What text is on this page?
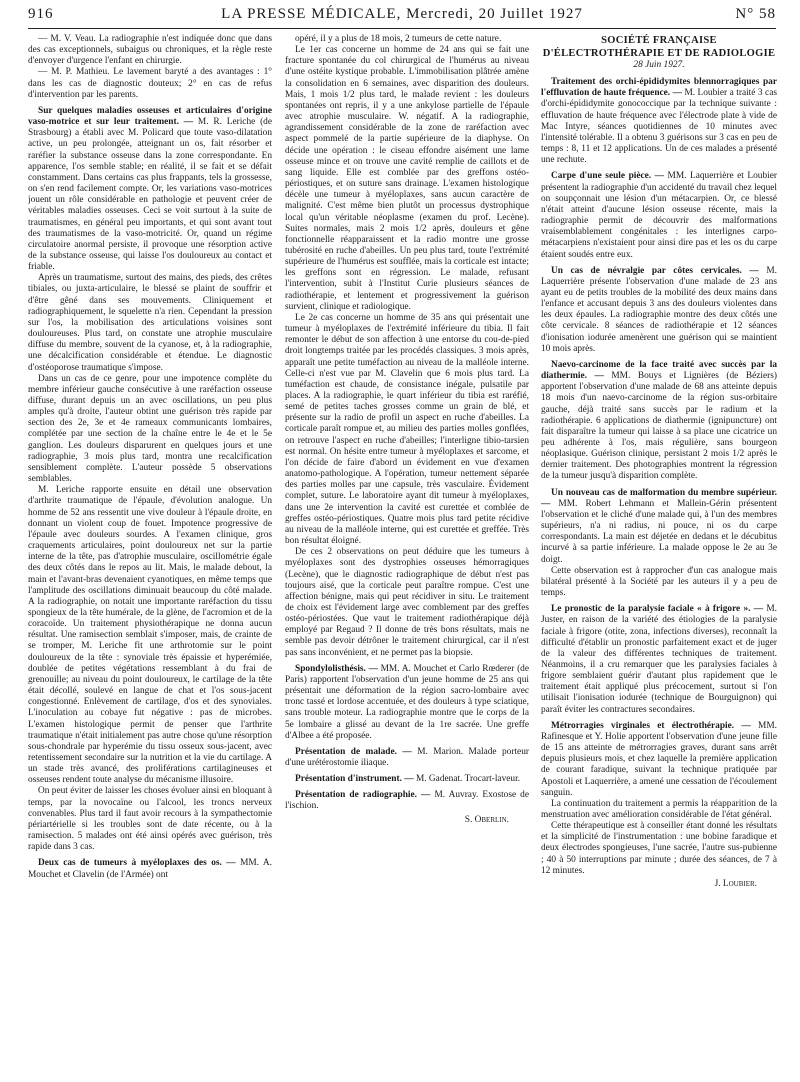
916	LA PRESSE MÉDICALE, Mercredi, 20 Juillet 1927	N° 58

— M. V. Veau. La radiographie n'est indiquée donc que dans des cas exceptionnels, subaigus ou chroniques, et la règle reste d'envoyer d'urgence l'enfant en chirurgie.

— M. P. Mathieu. Le lavement baryté a des avantages : 1° dans les cas de diagnostic douteux; 2° en cas de refus d'intervention par les parents.

Sur quelques maladies osseuses et articulaires d'origine vaso-motrice et sur leur traitement. — M. R. Leriche (de Strasbourg) a établi avec M. Policard que toute vaso-dilatation active, un peu prolongée, atteignant un os, fait résorber et raréfier la substance osseuse dans la zone correspondante. En apparence, l'os semble stable; en réalité, il se fait et se défait constamment. Dans certains cas plus frappants, tels la grossesse, on s'en rend facilement compte. Or, les variations vaso-motrices jouent un rôle considérable en pathologie et peuvent créer de véritables maladies osseuses. Ceci se voit surtout à la suite de traumatismes, en général peu importants, et qui sont avant tout des traumatismes de la vaso-motricité. Or, quand un régime circulatoire anormal persiste, il provoque une résorption active de la substance osseuse, qui laisse l'os douloureux au contact et friable.

Après un traumatisme, surtout des mains, des pieds, des crêtes tibiales, ou juxta-articulaire, le blessé se plaint de souffrir et d'être gêné dans ses mouvements. Cliniquement et radiographiquement, le squelette n'a rien. Cependant la pression sur l'os, la mobilisation des articulations voisines sont douloureuses. Plus tard, on constate une atrophie musculaire diffuse du membre, souvent de la cyanose, et, à la radiographie, une décalcification considérable et étendue. Le diagnostic d'ostéoporose traumatique s'impose.

Dans un cas de ce genre, pour une impotence complète du membre inférieur gauche consécutive à une raréfaction osseuse diffuse, durant depuis un an avec oscillations, un peu plus amples qu'à droite, l'auteur obtint une guérison très rapide par section des 2e, 3e et 4e rameaux communicants lombaires, complétée par une section de la chaîne entre le 4e et le 5e ganglion. Les douleurs disparurent en quelques jours et une radiographie, 3 mois plus tard, montra une recalcification sensiblement complète. L'auteur possède 5 observations semblables.

M. Leriche rapporte ensuite en détail une observation d'arthrite traumatique de l'épaule, d'évolution analogue. Un homme de 52 ans ressentit une vive douleur à l'épaule droite, en donnant un violent coup de fouet. Impotence progressive de l'épaule avec douleurs sourdes. A l'examen clinique, gros craquements articulaires, point douloureux net sur la partie interne de la tête, pas d'atrophie musculaire, oscillométrie égale des deux côtés dans le repos au lit. Mais, le malade debout, la main et l'avant-bras devenaient cyanotiques, en même temps que l'amplitude des oscillations diminuait beaucoup du côté malade. A la radiographie, on notait une importante raréfaction du tissu spongieux de la tête humérale, de la glène, de l'acromion et de la coracoïde. Un traitement physiothérapique ne donna aucun résultat. Une ramisection semblait s'imposer, mais, de crainte de se tromper, M. Leriche fit une arthrotomie sur le point douloureux de la tête : synoviale très épaissie et hyperémiée, doublée de petites végétations ressemblant à du frai de grenouille; au niveau du point douloureux, le cartilage de la tête était décollé, soulevé en langue de chat et l'os sous-jacent congestionné. Enlèvement de cartilage, d'os et des synoviales. L'inoculation au cobaye fut négative : pas de microbes. L'examen histologique permit de penser que l'arthrite traumatique n'était initialement pas autre chose qu'une résorption sous-chondrale par hyperémie du tissu osseux sous-jacent, avec retentissement secondaire sur la nutrition et la vie du cartilage. A un stade très avancé, des proliférations cartilagineuses et osseuses rendent toute analyse du mécanisme illusoire.

On peut éviter de laisser les choses évoluer ainsi en bloquant à temps, par la novocaïne ou l'alcool, les troncs nerveux convenables. Plus tard il faut avoir recours à la sympathectomie périartérielle si les troubles sont de date récente, ou à la ramisection. 5 malades ont été ainsi opérés avec guérison, très rapide dans 3 cas.

Deux cas de tumeurs à myéloplaxes des os. — MM. A. Mouchet et Clavelin (de l'Armée) ont

opéré, il y a plus de 18 mois, 2 tumeurs de cette nature.

Le 1er cas concerne un homme de 24 ans qui se fait une fracture spontanée du col chirurgical de l'humérus au niveau d'une ostéite kystique probable. L'immobilisation plâtrée amène la consolidation en 6 semaines, avec disparition des douleurs. Mais, 1 mois 1/2 plus tard, le malade revient : les douleurs spontanées ont repris, il y a une ankylose partielle de l'épaule avec atrophie musculaire. W. négatif. A la radiographie, agrandissement considérable de la zone de raréfaction avec aspect pommelé de la partie supérieure de la diaphyse. On décide une opération : le ciseau effondre aisément une lame osseuse mince et on trouve une cavité remplie de caillots et de sang liquide. Elle est comblée par des greffons ostéo-périostiques, et on suture sans drainage. L'examen histologique décèle une tumeur à myéloplaxes, sans aucun caractère de malignité. C'est même bien plutôt un processus dystrophique local qu'un véritable néoplasme (examen du prof. Lecène). Suites normales, mais 2 mois 1/2 après, douleurs et gêne fonctionnelle réapparaissent et la radio montre une grosse tubérosité en ruche d'abeilles. Un peu plus tard, toute l'extrémité supérieure de l'humérus est soufflée, mais la corticale est intacte; les greffons sont en régression. Le malade, refusant l'intervention, subit à l'Institut Curie plusieurs séances de radiothérapie, et lentement et progressivement la guérison survient, clinique et radiologique.

Le 2e cas concerne un homme de 35 ans qui présentait une tumeur à myéloplaxes de l'extrémité inférieure du tibia. Il fait remonter le début de son affection à une entorse du cou-de-pied droit longtemps traitée par les procédés classiques. 3 mois après, apparaît une petite tuméfaction au niveau de la malléole interne. Celle-ci n'est vue par M. Clavelin que 6 mois plus tard. La tuméfaction est chaude, de consistance inégale, pulsatile par places. A la radiographie, le quart inférieur du tibia est raréfié, semé de petites taches grosses comme un grain de blé, et présente sur la radio de profil un aspect en ruche d'abeilles. La corticale paraît rompue et, au milieu des parties molles gonflées, on retrouve l'aspect en ruche d'abeilles; l'interligne tibio-tarsien est normal. On hésite entre tumeur à myéloplaxes et sarcome, et l'on décide de faire d'abord un évidement en vue d'examen anatomo-pathologique. A l'opération, tumeur nettement séparée des parties molles par une capsule, très vasculaire. Évidement complet, suture. Le laboratoire ayant dit tumeur à myéloplaxes, dans une 2e intervention la cavité est curettée et comblée de greffes ostéo-périostiques. Quatre mois plus tard petite récidive au niveau de la malléole interne, qui est curettée et greffée. Très bon résultat éloigné.

De ces 2 observations on peut déduire que les tumeurs à myéloplaxes sont des dystrophies osseuses hémorragiques (Lecène), que le diagnostic radiographique de début n'est pas toujours aisé, que la corticale peut paraître rompue. C'est une affection bénigne, mais qui peut récidiver in situ. Le traitement de choix est l'évidement large avec comblement par des greffes ostéo-périostées. Que vaut le traitement radiothérapique déjà employé par Regaud ? Il donne de très bons résultats, mais ne semble pas devoir détrôner le traitement chirurgical, car il n'est pas sans inconvénient, et ne permet pas la biopsie.

Spondylolisthésis. — MM. A. Mouchet et Carlo Rœderer (de Paris) rapportent l'observation d'un jeune homme de 25 ans qui présentait une déformation de la région sacro-lombaire avec tronc tassé et lordose accentuée, et des douleurs à type sciatique, sans trouble moteur. La radiographie montre que le corps de la 5e lombaire a glissé au devant de la 1re sacrée. Une greffe d'Albee a été proposée.

Présentation de malade. — M. Marion. Malade porteur d'une urétérostomie iliaque.

Présentation d'instrument. — M. Gadenat. Trocart-laveur.

Présentation de radiographie. — M. Auvray. Exostose de l'ischion.

S. Oberlin.

SOCIÉTÉ FRANÇAISE

D'ÉLECTROTHÉRAPIE ET DE RADIOLOGIE

28 Juin 1927.

Traitement des orchi-épididymites blennorragiques par l'effluvation de haute fréquence. — M. Loubier a traité 3 cas d'orchi-épididymite gonococcique par la technique suivante : effluvation de haute fréquence avec l'électrode plate à vide de Mac Intyre, séances quotidiennes de 10 minutes avec l'intensité tolérable. Il a obtenu 3 guérisons sur 3 cas en peu de temps : 8, 11 et 12 applications. Un de ces malades a présenté une rechute.

Carpe d'une seule pièce. — MM. Laquerrière et Loubier présentent la radiographie d'un accidenté du travail chez lequel on soupçonnait une lésion d'un métacarpien. Or, ce blessé n'était atteint d'aucune lésion osseuse récente, mais la radiographie permit de découvrir des malformations vraisemblablement congénitales : les interlignes carpo-métacarpiens n'existaient pour ainsi dire pas et les os du carpe étaient soudés entre eux.

Un cas de névralgie par côtes cervicales. — M. Laquerrière présente l'observation d'une malade de 23 ans ayant eu de petits troubles de la mobilité des deux mains dans l'enfance et accusant depuis 3 ans des douleurs violentes dans les deux épaules. La radiographie montre des deux côtés une côte cervicale. 8 séances de radiothérapie et 12 séances d'ionisation iodurée amenèrent une guérison qui se maintient 10 mois après.

Naevo-carcinome de la face traité avec succès par la diathermie. — MM. Bouys et Lignières (de Béziers) apportent l'observation d'une malade de 68 ans atteinte depuis 18 mois d'un naevo-carcinome de la région sus-orbitaire gauche, déjà traité sans succès par le radium et la radiothérapie. 6 applications de diathermie (ignipuncture) ont fait disparaître la tumeur qui laisse à sa place une cicatrice un peu adhérente à l'os, mais régulière, sans bourgeon néoplasique. Guérison clinique, persistant 2 mois 1/2 après le dernier traitement. Des photographies montrent la régression de la tumeur jusqu'à disparition complète.

Un nouveau cas de malformation du membre supérieur. — MM. Robert Lehmann et Mallein-Gérin présentent l'observation et le cliché d'une malade qui, à l'un des membres supérieurs, n'a ni radius, ni pouce, ni os du carpe correspondants. La main est déjetée en dedans et le décubitus incurvé à sa partie inférieure. La malade oppose le 2e au 3e doigt.

Cette observation est à rapprocher d'un cas analogue mais bilatéral présenté à la Société par les auteurs il y a peu de temps.

Le pronostic de la paralysie faciale « à frigore ». — M. Juster, en raison de la variété des étiologies de la paralysie faciale à frigore (otite, zona, infections diverses), reconnaît la difficulté d'établir un pronostic parfaitement exact et de juger de la valeur des différentes techniques de traitement. Néanmoins, il a cru remarquer que les paralysies faciales à frigore semblaient guérir d'autant plus rapidement que le traitement était appliqué plus précocement, surtout si l'on utilisait l'ionisation iodurée (technique de Bourguignon) qui paraît éviter les contractures secondaires.

Métrorragies virginales et électrothérapie. — MM. Rafinesque et Y. Holie apportent l'observation d'une jeune fille de 15 ans atteinte de métrorragies graves, durant sans arrêt depuis plusieurs mois, et chez laquelle la première application de courant faradique, suivant la technique pratiquée par Apostoli et Laquerrière, a amené une cessation de l'écoulement sanguin.

La continuation du traitement a permis la réapparition de la menstruation avec amélioration considérable de l'état général.

Cette thérapeutique est à conseiller étant donné les résultats et la simplicité de l'instrumentation : une bobine faradique et deux électrodes spongieuses, l'une sacrée, l'autre sus-pubienne ; 40 à 50 interruptions par minute ; durée des séances, de 7 à 12 minutes.

J. Loubier.
